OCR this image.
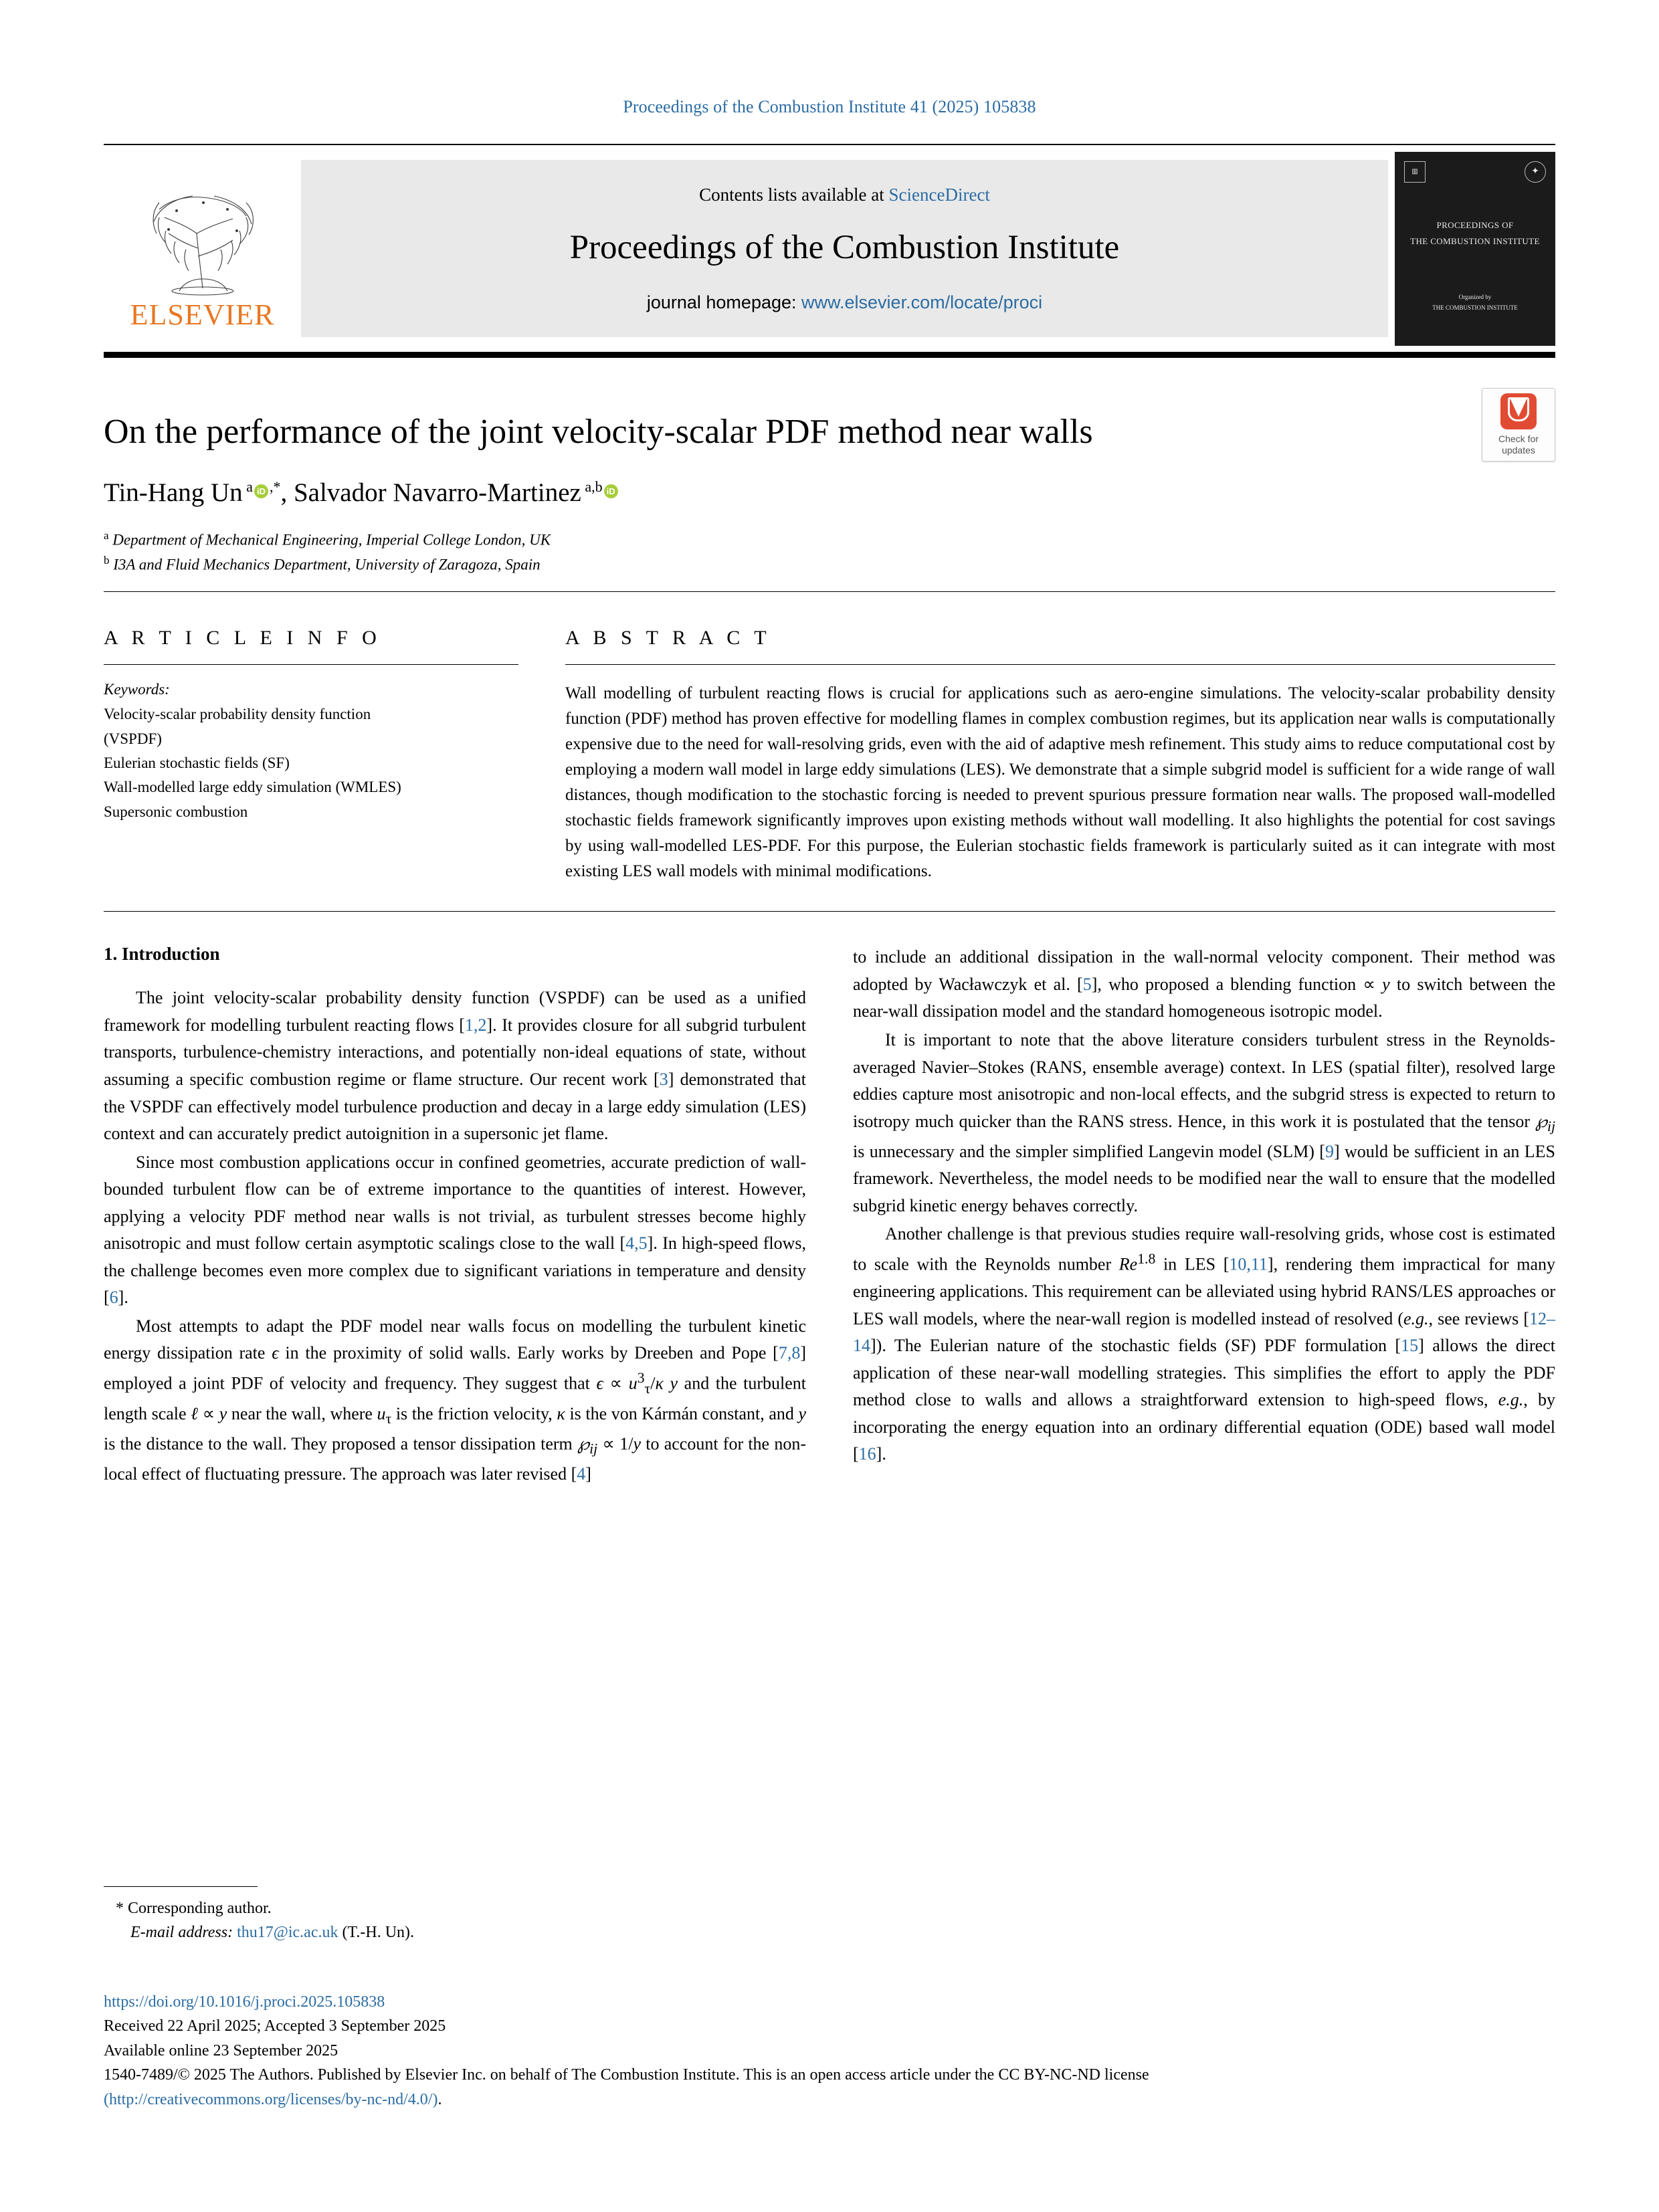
Proceedings of the Combustion Institute 41 (2025) 105838
ELSEVIER
Contents lists available at ScienceDirect
Proceedings of the Combustion Institute
journal homepage: www.elsevier.com/locate/proci
▥	✦
PROCEEDINGS OF
THE COMBUSTION INSTITUTE
Organized by
THE COMBUSTION INSTITUTE
Check for
updates
On the performance of the joint velocity-scalar PDF method near walls
Tin-Hang Un $^a$ iD ,*, Salvador Navarro-Martinez $^{a,b}$iD
$^a$ Department of Mechanical Engineering, Imperial College London, UK
$^b$ I3A and Fluid Mechanics Department, University of Zaragoza, Spain
A R T I C L E I N F O
Keywords:
Velocity-scalar probability density function
(VSPDF)
Eulerian stochastic fields (SF)
Wall-modelled large eddy simulation (WMLES)
Supersonic combustion
A B S T R A C T
Wall modelling of turbulent reacting flows is crucial for applications such as aero-engine simulations. The velocity-scalar probability density function (PDF) method has proven effective for modelling flames in complex combustion regimes, but its application near walls is computationally expensive due to the need for wall-resolving grids, even with the aid of adaptive mesh refinement. This study aims to reduce computational cost by employing a modern wall model in large eddy simulations (LES). We demonstrate that a simple subgrid model is sufficient for a wide range of wall distances, though modification to the stochastic forcing is needed to prevent spurious pressure formation near walls. The proposed wall-modelled stochastic fields framework significantly improves upon existing methods without wall modelling. It also highlights the potential for cost savings by using wall-modelled LES-PDF. For this purpose, the Eulerian stochastic fields framework is particularly suited as it can integrate with most existing LES wall models with minimal modifications.
1. Introduction

The joint velocity-scalar probability density function (VSPDF) can be used as a unified framework for modelling turbulent reacting flows [1,2]. It provides closure for all subgrid turbulent transports, turbulence-chemistry interactions, and potentially non-ideal equations of state, without assuming a specific combustion regime or flame structure. Our recent work [3] demonstrated that the VSPDF can effectively model turbulence production and decay in a large eddy simulation (LES) context and can accurately predict autoignition in a supersonic jet flame.

Since most combustion applications occur in confined geometries, accurate prediction of wall-bounded turbulent flow can be of extreme importance to the quantities of interest. However, applying a velocity PDF method near walls is not trivial, as turbulent stresses become highly anisotropic and must follow certain asymptotic scalings close to the wall [4,5]. In high-speed flows, the challenge becomes even more complex due to significant variations in temperature and density [6].

Most attempts to adapt the PDF model near walls focus on modelling the turbulent kinetic energy dissipation rate ϵ in the proximity of solid walls. Early works by Dreeben and Pope [7,8] employed a joint PDF of velocity and frequency. They suggest that $\epsilon \propto u^3_\tau/\kappa$ y and the turbulent length scale ℓ ∝ y near the wall, where $u_\tau$ is the friction velocity, κ is the von Kármán constant, and y is the distance to the wall. They proposed a tensor dissipation term $℘_{ij} \propto 1/y$ to account for the non-local effect of fluctuating pressure. The approach was later revised [4]

to include an additional dissipation in the wall-normal velocity component. Their method was adopted by Wacławczyk et al. [5], who proposed a blending function ∝ y to switch between the near-wall dissipation model and the standard homogeneous isotropic model.

It is important to note that the above literature considers turbulent stress in the Reynolds-averaged Navier–Stokes (RANS, ensemble average) context. In LES (spatial filter), resolved large eddies capture most anisotropic and non-local effects, and the subgrid stress is expected to return to isotropy much quicker than the RANS stress. Hence, in this work it is postulated that the tensor $℘_{ij}$ is unnecessary and the simpler simplified Langevin model (SLM) [9] would be sufficient in an LES framework. Nevertheless, the model needs to be modified near the wall to ensure that the modelled subgrid kinetic energy behaves correctly.

Another challenge is that previous studies require wall-resolving grids, whose cost is estimated to scale with the Reynolds number $Re^{1.8}$ in LES [10,11], rendering them impractical for many engineering applications. This requirement can be alleviated using hybrid RANS/LES approaches or LES wall models, where the near-wall region is modelled instead of resolved (e.g., see reviews [12–14]). The Eulerian nature of the stochastic fields (SF) PDF formulation [15] allows the direct application of these near-wall modelling strategies. This simplifies the effort to apply the PDF method close to walls and allows a straightforward extension to high-speed flows, e.g., by incorporating the energy equation into an ordinary differential equation (ODE) based wall model [16].

* Corresponding author.
E-mail address: thu17@ic.ac.uk (T.-H. Un).
https://doi.org/10.1016/j.proci.2025.105838
Received 22 April 2025; Accepted 3 September 2025
Available online 23 September 2025
1540-7489/© 2025 The Authors. Published by Elsevier Inc. on behalf of The Combustion Institute. This is an open access article under the CC BY-NC-ND license
(http://creativecommons.org/licenses/by-nc-nd/4.0/).
